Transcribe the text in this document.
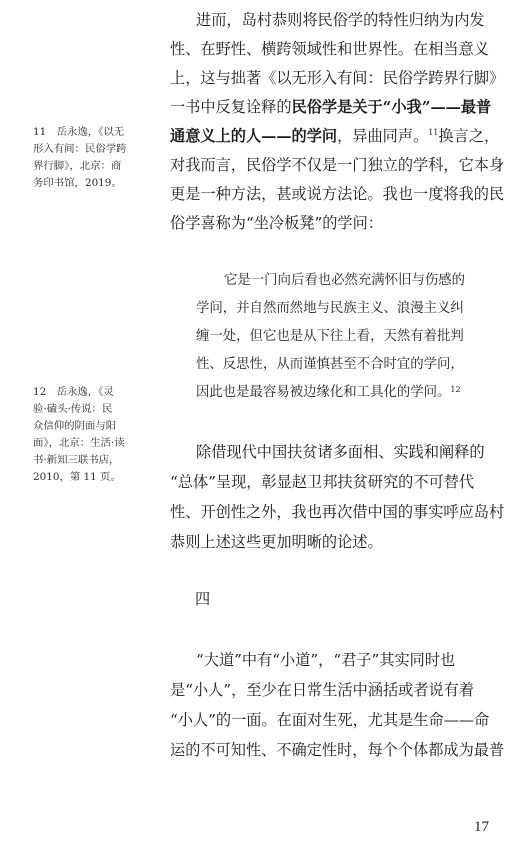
进而，岛村恭则将民俗学的特性归纳为内发
性、在野性、横跨领域性和世界性。在相当意义
上，这与拙著《以无形入有间：民俗学跨界行脚》
一书中反复诠释的民俗学是关于“小我”——最普
通意义上的人——的学问，异曲同声。$^{11}$换言之，
对我而言，民俗学不仅是一门独立的学科，它本身
更是一种方法，甚或说方法论。我也一度将我的民
俗学喜称为“坐冷板凳”的学问：
它是一门向后看也必然充满怀旧与伤感的
学问，并自然而然地与民族主义、浪漫主义纠
缠一处，但它也是从下往上看，天然有着批判
性、反思性，从而谨慎甚至不合时宜的学问，
因此也是最容易被边缘化和工具化的学问。$^{12}$
除借现代中国扶贫诸多面相、实践和阐释的
“总体”呈现，彰显赵卫邦扶贫研究的不可替代
性、开创性之外，我也再次借中国的事实呼应岛村
恭则上述这些更加明晰的论述。
四
“大道”中有“小道”，“君子”其实同时也
是“小人”，至少在日常生活中涵括或者说有着
“小人”的一面。在面对生死，尤其是生命——命
运的不可知性、不确定性时，每个个体都成为最普
11　岳永逸，《以无
形入有间：民俗学跨
界行脚》，北京：商
务印书馆，2019。
12　岳永逸，《灵
验·磕头·传说：民
众信仰的阴面与阳
面》，北京：生活·读
书·新知三联书店，
2010，第 11 页。
17
